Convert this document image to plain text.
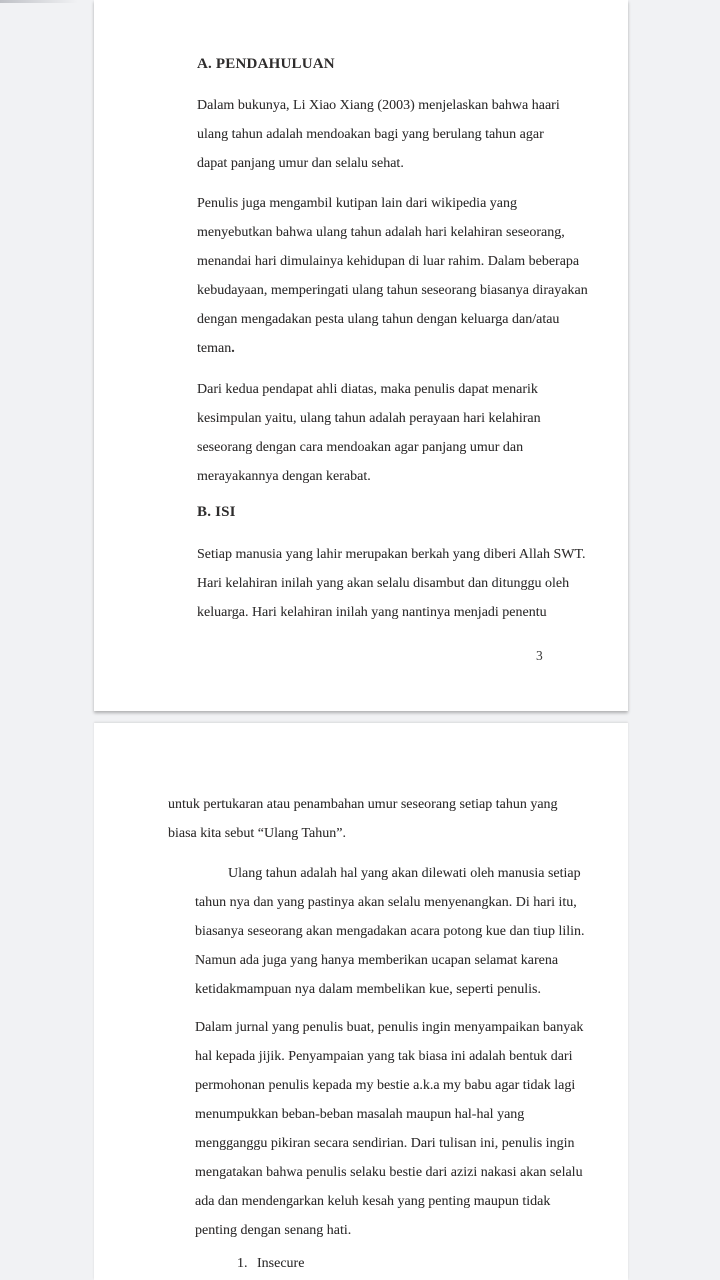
A. PENDAHULUAN
Dalam bukunya, Li Xiao Xiang (2003) menjelaskan bahwa haari
ulang tahun adalah mendoakan bagi yang berulang tahun agar
dapat panjang umur dan selalu sehat.
Penulis juga mengambil kutipan lain dari wikipedia yang
menyebutkan bahwa ulang tahun adalah hari kelahiran seseorang,
menandai hari dimulainya kehidupan di luar rahim. Dalam beberapa
kebudayaan, memperingati ulang tahun seseorang biasanya dirayakan
dengan mengadakan pesta ulang tahun dengan keluarga dan/atau
teman.
Dari kedua pendapat ahli diatas, maka penulis dapat menarik
kesimpulan yaitu, ulang tahun adalah perayaan hari kelahiran
seseorang dengan cara mendoakan agar panjang umur dan
merayakannya dengan kerabat.
B. ISI
Setiap manusia yang lahir merupakan berkah yang diberi Allah SWT.
Hari kelahiran inilah yang akan selalu disambut dan ditunggu oleh
keluarga. Hari kelahiran inilah yang nantinya menjadi penentu
3
untuk pertukaran atau penambahan umur seseorang setiap tahun yang
biasa kita sebut “Ulang Tahun”.
Ulang tahun adalah hal yang akan dilewati oleh manusia setiap
tahun nya dan yang pastinya akan selalu menyenangkan. Di hari itu,
biasanya seseorang akan mengadakan acara potong kue dan tiup lilin.
Namun ada juga yang hanya memberikan ucapan selamat karena
ketidakmampuan nya dalam membelikan kue, seperti penulis.
Dalam jurnal yang penulis buat, penulis ingin menyampaikan banyak
hal kepada jijik. Penyampaian yang tak biasa ini adalah bentuk dari
permohonan penulis kepada my bestie a.k.a my babu agar tidak lagi
menumpukkan beban-beban masalah maupun hal-hal yang
mengganggu pikiran secara sendirian. Dari tulisan ini, penulis ingin
mengatakan bahwa penulis selaku bestie dari azizi nakasi akan selalu
ada dan mendengarkan keluh kesah yang penting maupun tidak
penting dengan senang hati.
1. Insecure
